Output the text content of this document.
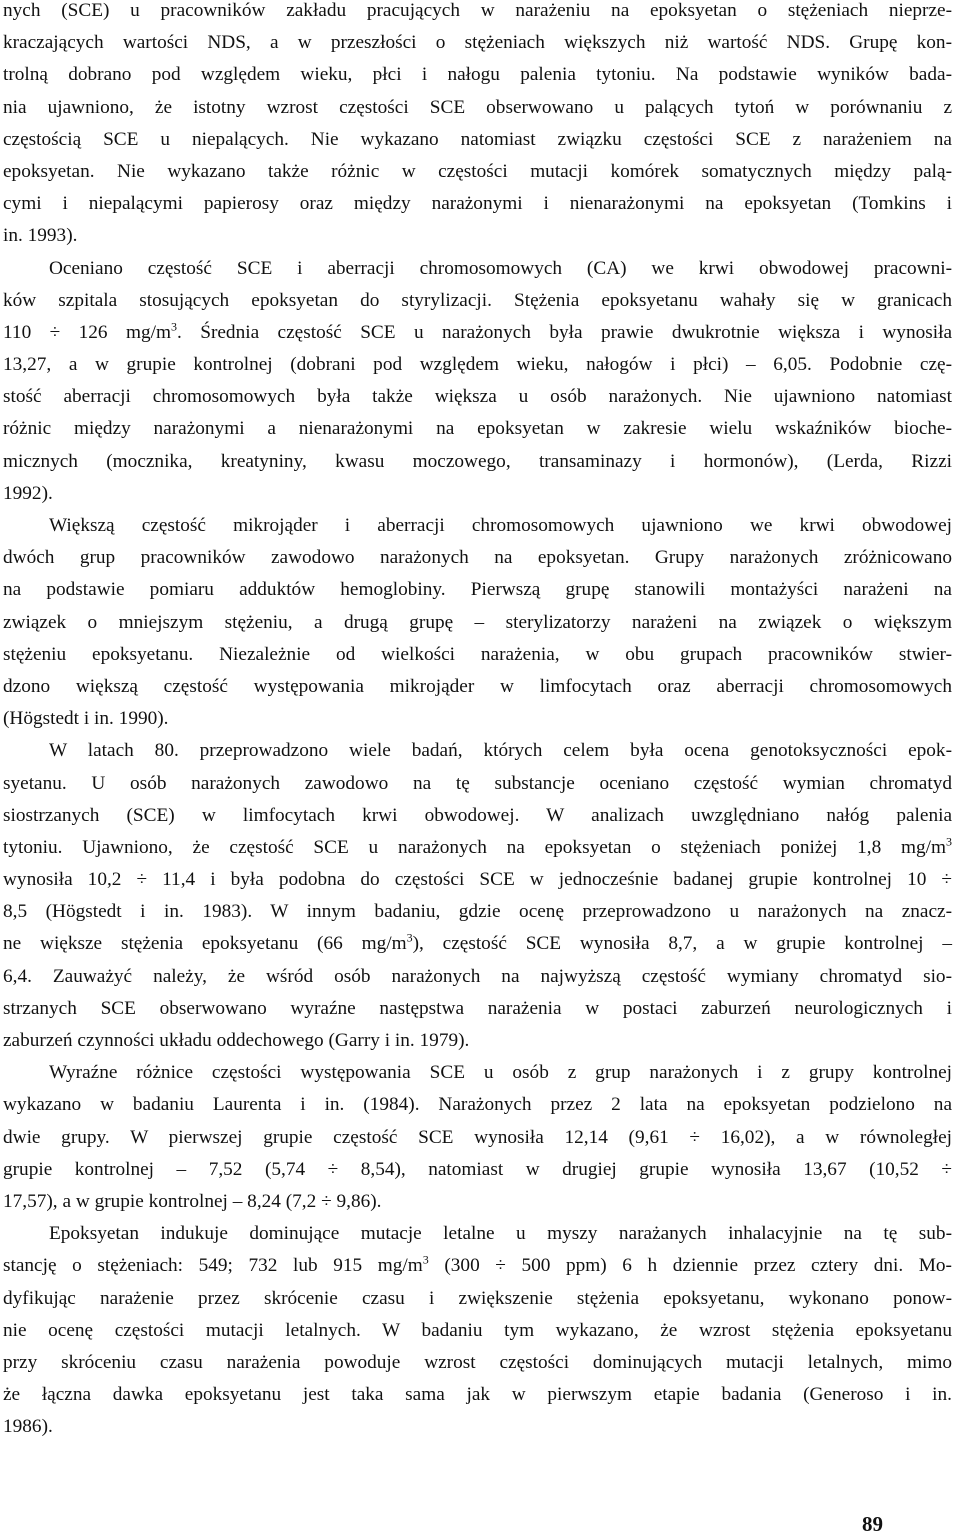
nych (SCE) u pracowników zakładu pracujących w narażeniu na epoksyetan o stężeniach nieprze-
kraczających wartości NDS, a w przeszłości o stężeniach większych niż wartość NDS. Grupę kon-
trolną dobrano pod względem wieku, płci i nałogu palenia tytoniu. Na podstawie wyników bada-
nia ujawniono, że istotny wzrost częstości SCE obserwowano u palących tytoń w porównaniu z
częstością SCE u niepalących. Nie wykazano natomiast związku częstości SCE z narażeniem na
epoksyetan. Nie wykazano także różnic w częstości mutacji komórek somatycznych między palą-
cymi i niepalącymi papierosy oraz między narażonymi i nienarażonymi na epoksyetan (Tomkins i
in. 1993).
Oceniano częstość SCE i aberracji chromosomowych (CA) we krwi obwodowej pracowni-
ków szpitala stosujących epoksyetan do styrylizacji. Stężenia epoksyetanu wahały się w granicach
110 ÷ 126 $mg/m^3$. Średnia częstość SCE u narażonych była prawie dwukrotnie większa i wynosiła
13,27, a w grupie kontrolnej (dobrani pod względem wieku, nałogów i płci) – 6,05. Podobnie czę-
stość aberracji chromosomowych była także większa u osób narażonych. Nie ujawniono natomiast
różnic między narażonymi a nienarażonymi na epoksyetan w zakresie wielu wskaźników bioche-
micznych (mocznika, kreatyniny, kwasu moczowego, transaminazy i hormonów), (Lerda, Rizzi
1992).
Większą częstość mikrojąder i aberracji chromosomowych ujawniono we krwi obwodowej
dwóch grup pracowników zawodowo narażonych na epoksyetan. Grupy narażonych zróżnicowano
na podstawie pomiaru adduktów hemoglobiny. Pierwszą grupę stanowili montażyści narażeni na
związek o mniejszym stężeniu, a drugą grupę – sterylizatorzy narażeni na związek o większym
stężeniu epoksyetanu. Niezależnie od wielkości narażenia, w obu grupach pracowników stwier-
dzono większą częstość występowania mikrojąder w limfocytach oraz aberracji chromosomowych
(Hӧgstedt i in. 1990).
W latach 80. przeprowadzono wiele badań, których celem była ocena genotoksyczności epok-
syetanu. U osób narażonych zawodowo na tę substancje oceniano częstość wymian chromatyd
siostrzanych (SCE) w limfocytach krwi obwodowej. W analizach uwzględniano nałóg palenia
tytoniu. Ujawniono, że częstość SCE u narażonych na epoksyetan o stężeniach poniżej 1,8 $mg/m^3$
wynosiła 10,2 ÷ 11,4 i była podobna do częstości SCE w jednocześnie badanej grupie kontrolnej 10 ÷
8,5 (Hӧgstedt i in. 1983). W innym badaniu, gdzie ocenę przeprowadzono u narażonych na znacz-
ne większe stężenia epoksyetanu (66 $mg/m^3$), częstość SCE wynosiła 8,7, a w grupie kontrolnej –
6,4. Zauważyć należy, że wśród osób narażonych na najwyższą częstość wymiany chromatyd sio-
strzanych SCE obserwowano wyraźne następstwa narażenia w postaci zaburzeń neurologicznych i
zaburzeń czynności układu oddechowego (Garry i in. 1979).
Wyraźne różnice częstości występowania SCE u osób z grup narażonych i z grupy kontrolnej
wykazano w badaniu Laurenta i in. (1984). Narażonych przez 2 lata na epoksyetan podzielono na
dwie grupy. W pierwszej grupie częstość SCE wynosiła 12,14 (9,61 ÷ 16,02), a w równoległej
grupie kontrolnej – 7,52 (5,74 ÷ 8,54), natomiast w drugiej grupie wynosiła 13,67 (10,52 ÷
17,57), a w grupie kontrolnej – 8,24 (7,2 ÷ 9,86).
Epoksyetan indukuje dominujące mutacje letalne u myszy narażanych inhalacyjnie na tę sub-
stancję o stężeniach: 549; 732 lub 915 $mg/m^3$ (300 ÷ 500 ppm) 6 h dziennie przez cztery dni. Mo-
dyfikując narażenie przez skrócenie czasu i zwiększenie stężenia epoksyetanu, wykonano ponow-
nie ocenę częstości mutacji letalnych. W badaniu tym wykazano, że wzrost stężenia epoksyetanu
przy skróceniu czasu narażenia powoduje wzrost częstości dominujących mutacji letalnych, mimo
że łączna dawka epoksyetanu jest taka sama jak w pierwszym etapie badania (Generoso i in.
1986).
89
